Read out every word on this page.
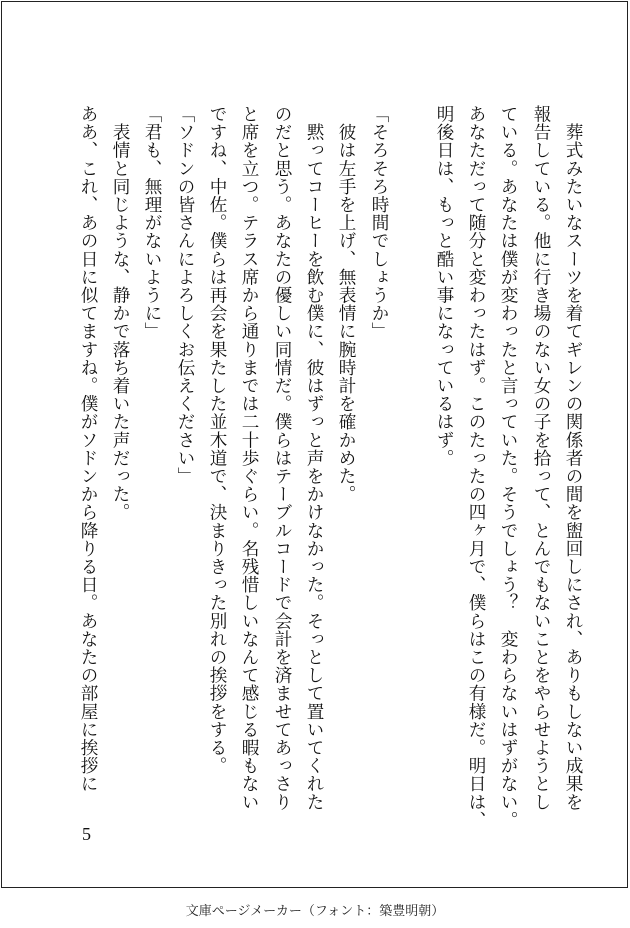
　葬式みたいなスーツを着てギレンの関係者の間を盥回しにされ、ありもしない成果を
報告している。他に行き場のない女の子を拾って、とんでもないことをやらせようとし
ている。あなたは僕が変わったと言っていた。そうでしょう？　変わらないはずがない。
あなただって随分と変わったはず。このたったの四ヶ月で、僕らはこの有様だ。明日は、
明後日は、もっと酷い事になっているはず。
「そろそろ時間でしょうか」
　彼は左手を上げ、無表情に腕時計を確かめた。
　黙ってコーヒーを飲む僕に、彼はずっと声をかけなかった。そっとして置いてくれた
のだと思う。あなたの優しい同情だ。僕らはテーブルコードで会計を済ませてあっさり
と席を立つ。テラス席から通りまでは二十歩ぐらい。名残惜しいなんて感じる暇もない
ですね、中佐。僕らは再会を果たした並木道で、決まりきった別れの挨拶をする。
「ソドンの皆さんによろしくお伝えください」
「君も、無理がないように」
　表情と同じような、静かで落ち着いた声だった。
ああ、これ、あの日に似てますね。僕がソドンから降りる日。あなたの部屋に挨拶に
5
文庫ページメーカー（フォント：築豊明朝）
